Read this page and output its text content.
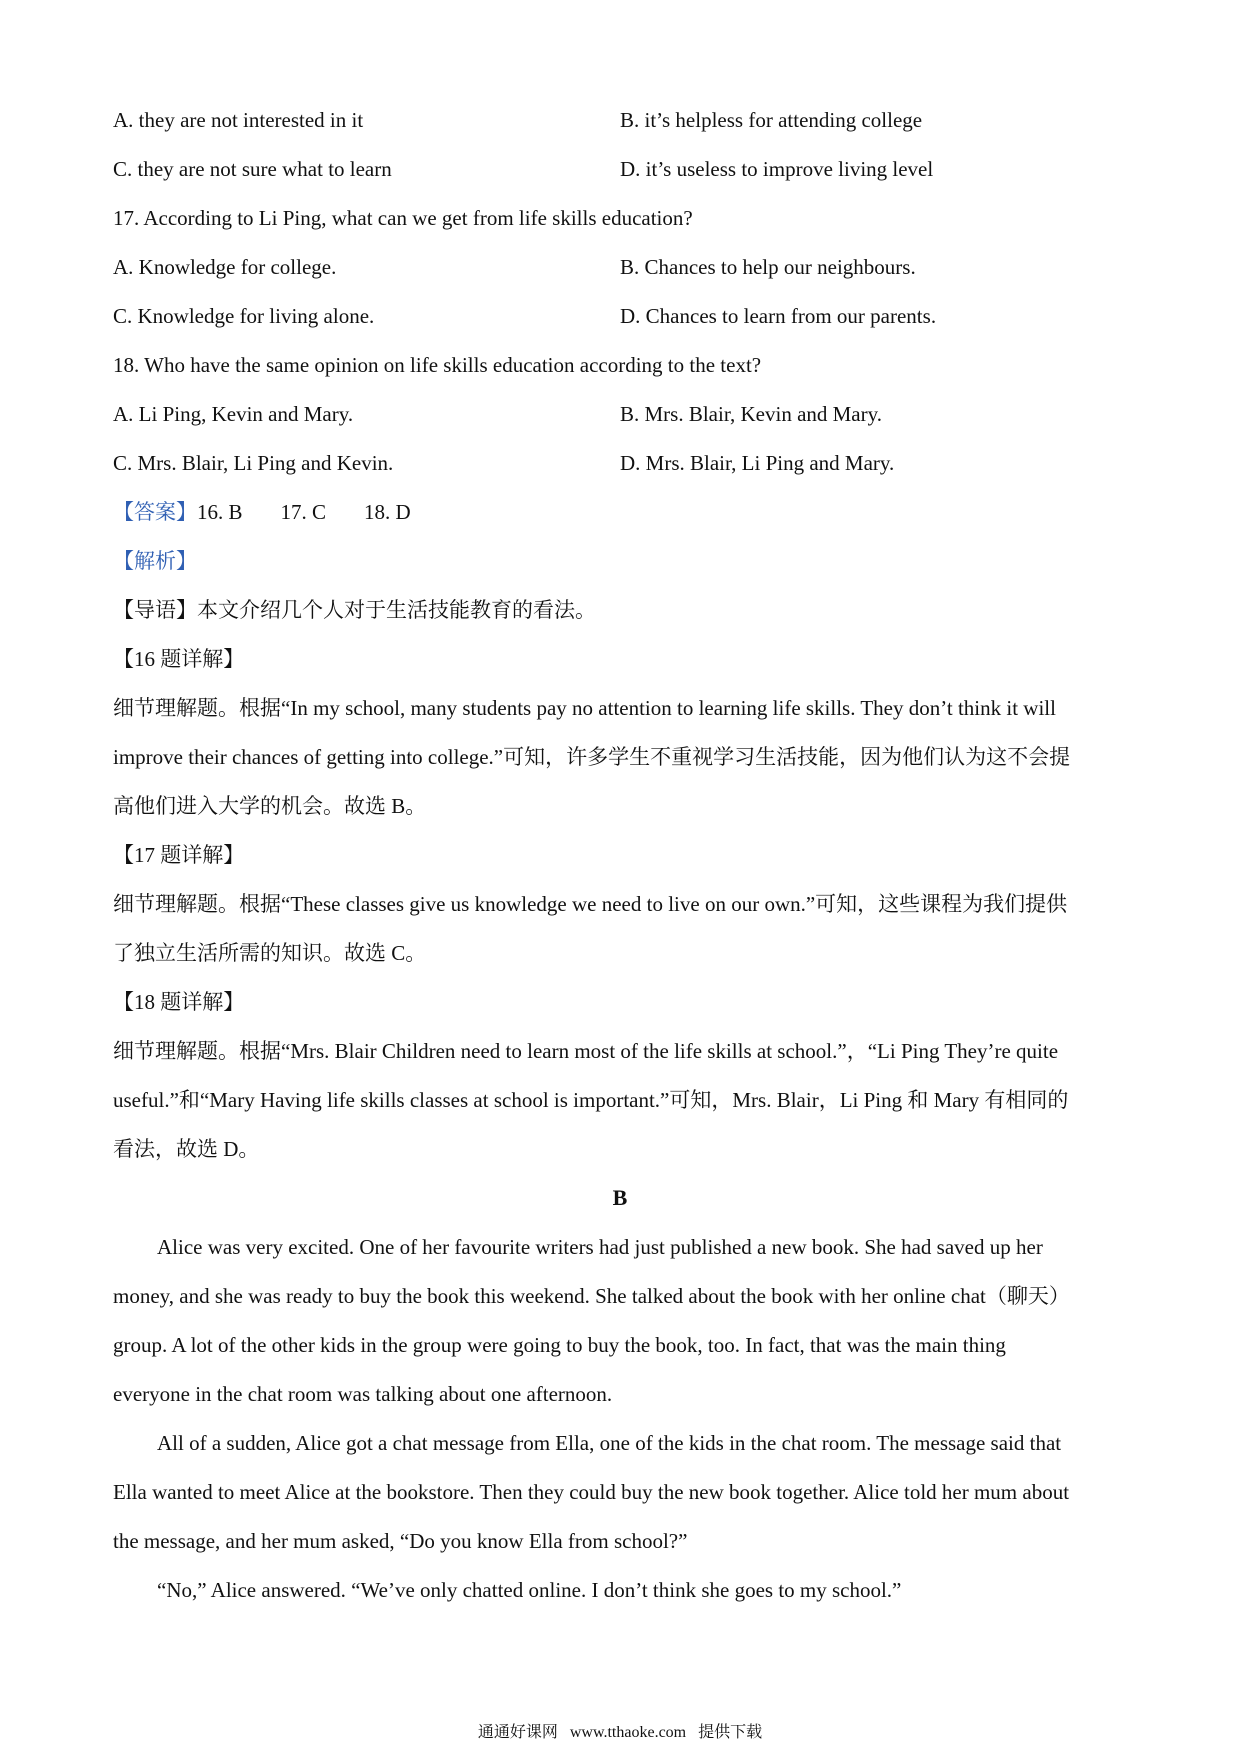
A. they are not interested in it	B. it’s helpless for attending college
C. they are not sure what to learn	D. it’s useless to improve living level
17. According to Li Ping, what can we get from life skills education?
A. Knowledge for college.	B. Chances to help our neighbours.
C. Knowledge for living alone.	D. Chances to learn from our parents.
18. Who have the same opinion on life skills education according to the text?
A. Li Ping, Kevin and Mary.	B. Mrs. Blair, Kevin and Mary.
C. Mrs. Blair, Li Ping and Kevin.	D. Mrs. Blair, Li Ping and Mary.
【答案】16. B 17. C 18. D
【解析】
【导语】本文介绍几个人对于生活技能教育的看法。
【16 题详解】
细节理解题。根据“In my school, many students pay no attention to learning life skills. They don’t think it will
improve their chances of getting into college.”可知，许多学生不重视学习生活技能，因为他们认为这不会提
高他们进入大学的机会。故选 B。
【17 题详解】
细节理解题。根据“These classes give us knowledge we need to live on our own.”可知，这些课程为我们提供
了独立生活所需的知识。故选 C。
【18 题详解】
细节理解题。根据“Mrs. Blair Children need to learn most of the life skills at school.”，“Li Ping They’re quite
useful.”和“Mary Having life skills classes at school is important.”可知，Mrs. Blair，Li Ping 和 Mary 有相同的
看法，故选 D。
B
Alice was very excited. One of her favourite writers had just published a new book. She had saved up her
money, and she was ready to buy the book this weekend. She talked about the book with her online chat（聊天）
group. A lot of the other kids in the group were going to buy the book, too. In fact, that was the main thing
everyone in the chat room was talking about one afternoon.
All of a sudden, Alice got a chat message from Ella, one of the kids in the chat room. The message said that
Ella wanted to meet Alice at the bookstore. Then they could buy the new book together. Alice told her mum about
the message, and her mum asked, “Do you know Ella from school?”
“No,” Alice answered. “We’ve only chatted online. I don’t think she goes to my school.”
通通好课网 www.tthaoke.com 提供下载
